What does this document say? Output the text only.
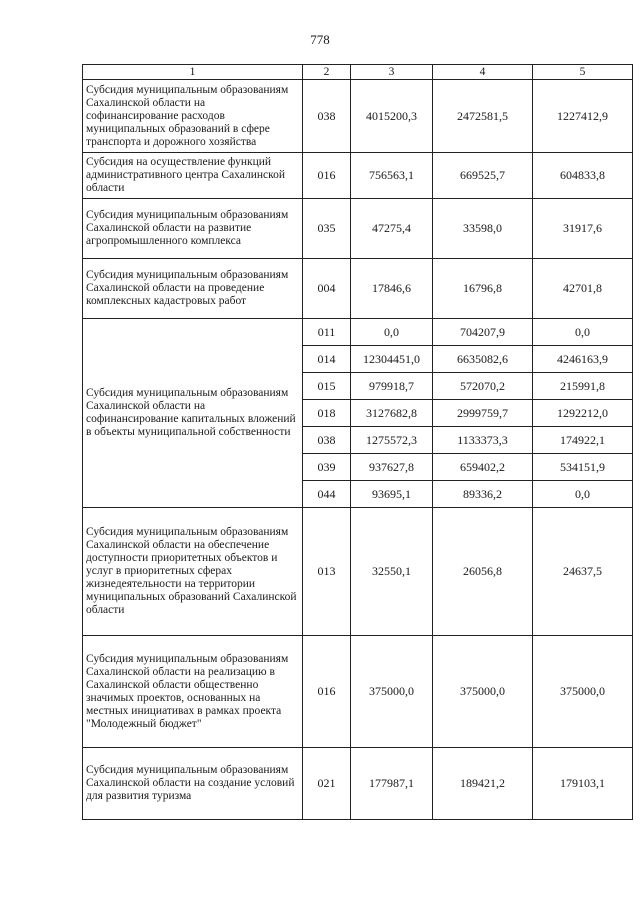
778
1	2	3	4	5
Субсидия муниципальным образованиям Сахалинской области на софинансирование расходов муниципальных образований в сфере транспорта и дорожного хозяйства	038	4015200,3	2472581,5	1227412,9
Субсидия на осуществление функций административного центра Сахалинской области	016	756563,1	669525,7	604833,8
Субсидия муниципальным образованиям Сахалинской области на развитие агропромышленного комплекса	035	47275,4	33598,0	31917,6
Субсидия муниципальным образованиям Сахалинской области на проведение комплексных кадастровых работ	004	17846,6	16796,8	42701,8
Субсидия муниципальным образованиям Сахалинской области на софинансирование капитальных вложений в объекты муниципальной собственности	011	0,0	704207,9	0,0
	014	12304451,0	6635082,6	4246163,9
	015	979918,7	572070,2	215991,8
	018	3127682,8	2999759,7	1292212,0
	038	1275572,3	1133373,3	174922,1
	039	937627,8	659402,2	534151,9
	044	93695,1	89336,2	0,0
Субсидия муниципальным образованиям Сахалинской области на обеспечение доступности приоритетных объектов и услуг в приоритетных сферах жизнедеятельности на территории муниципальных образований Сахалинской области	013	32550,1	26056,8	24637,5
Субсидия муниципальным образованиям Сахалинской области на реализацию в Сахалинской области общественно значимых проектов, основанных на местных инициативах в рамках проекта "Молодежный бюджет"	016	375000,0	375000,0	375000,0
Субсидия муниципальным образованиям Сахалинской области на создание условий для развития туризма	021	177987,1	189421,2	179103,1
